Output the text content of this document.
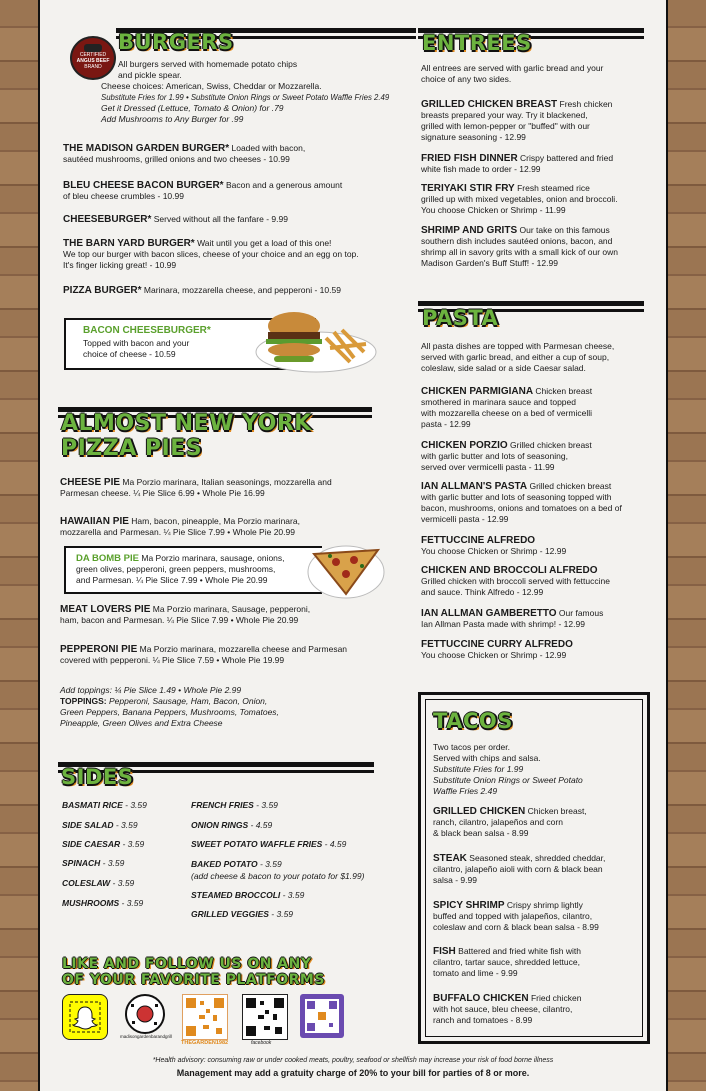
BURGERS
CERTIFIED
ANGUS BEEF
BRAND	All burgers served with homemade potato chips
and pickle spear.
Cheese choices: American, Swiss, Cheddar or Mozzarella.
Substitute Fries for 1.99 • Substitute Onion Rings or Sweet Potato Waffle Fries 2.49
Get it Dressed (Lettuce, Tomato & Onion) for .79
Add Mushrooms to Any Burger for .99
THE MADISON GARDEN BURGER* Loaded with bacon,
sautéed mushrooms, grilled onions and two cheeses - 10.99
BLEU CHEESE BACON BURGER* Bacon and a generous amount
of bleu cheese crumbles - 10.99
CHEESEBURGER* Served without all the fanfare - 9.99
THE BARN YARD BURGER* Wait until you get a load of this one!
We top our burger with bacon slices, cheese of your choice and an egg on top.
It's finger licking great! - 10.99
PIZZA BURGER* Marinara, mozzarella cheese, and pepperoni - 10.59
BACON CHEESEBURGER*
Topped with bacon and your
choice of cheese - 10.59
ALMOST NEW YORK
PIZZA PIES
CHEESE PIE Ma Porzio marinara, Italian seasonings, mozzarella and
Parmesan cheese. ¼ Pie Slice 6.99 • Whole Pie 16.99
HAWAIIAN PIE Ham, bacon, pineapple, Ma Porzio marinara,
mozzarella and Parmesan. ¼ Pie Slice 7.99 • Whole Pie 20.99
DA BOMB PIE Ma Porzio marinara, sausage, onions,
green olives, pepperoni, green peppers, mushrooms,
and Parmesan. ¼ Pie Slice 7.99 • Whole Pie 20.99
MEAT LOVERS PIE Ma Porzio marinara, Sausage, pepperoni,
ham, bacon and Parmesan. ¼ Pie Slice 7.99 • Whole Pie 20.99
PEPPERONI PIE Ma Porzio marinara, mozzarella cheese and Parmesan
covered with pepperoni. ¼ Pie Slice 7.59 • Whole Pie 19.99
Add toppings: ¼ Pie Slice 1.49 • Whole Pie 2.99
TOPPINGS: Pepperoni, Sausage, Ham, Bacon, Onion,
Green Peppers, Banana Peppers, Mushrooms, Tomatoes,
Pineapple, Green Olives and Extra Cheese
SIDES
BASMATI RICE - 3.59
SIDE SALAD - 3.59
SIDE CAESAR - 3.59
SPINACH - 3.59
COLESLAW - 3.59
MUSHROOMS - 3.59
FRENCH FRIES - 3.59
ONION RINGS - 4.59
SWEET POTATO WAFFLE FRIES - 4.59
BAKED POTATO - 3.59
(add cheese & bacon to your potato for $1.99)
STEAMED BROCCOLI - 3.59
GRILLED VEGGIES - 3.59
LIKE AND FOLLOW US ON ANY
OF YOUR FAVORITE PLATFORMS
madisongardenbarandgrill
THEGARDEN1982	facebook
ENTREES
All entrees are served with garlic bread and your
choice of any two sides.
GRILLED CHICKEN BREAST Fresh chicken
breasts prepared your way. Try it blackened,
grilled with lemon-pepper or "buffed" with our
signature seasoning - 12.99
FRIED FISH DINNER Crispy battered and fried
white fish made to order - 12.99
TERIYAKI STIR FRY Fresh steamed rice
grilled up with mixed vegetables, onion and broccoli.
You choose Chicken or Shrimp - 11.99
SHRIMP AND GRITS Our take on this famous
southern dish includes sautéed onions, bacon, and
shrimp all in savory grits with a small kick of our own
Madison Garden's Buff Stuff! - 12.99
PASTA
All pasta dishes are topped with Parmesan cheese,
served with garlic bread, and either a cup of soup,
coleslaw, side salad or a side Caesar salad.
CHICKEN PARMIGIANA Chicken breast
smothered in marinara sauce and topped
with mozzarella cheese on a bed of vermicelli
pasta - 12.99
CHICKEN PORZIO Grilled chicken breast
with garlic butter and lots of seasoning,
served over vermicelli pasta - 11.99
IAN ALLMAN'S PASTA Grilled chicken breast
with garlic butter and lots of seasoning topped with
bacon, mushrooms, onions and tomatoes on a bed of
vermicelli pasta - 12.99
FETTUCCINE ALFREDO
You choose Chicken or Shrimp - 12.99
CHICKEN AND BROCCOLI ALFREDO
Grilled chicken with broccoli served with fettuccine
and sauce. Think Alfredo - 12.99
IAN ALLMAN GAMBERETTO Our famous
Ian Allman Pasta made with shrimp! - 12.99
FETTUCCINE CURRY ALFREDO
You choose Chicken or Shrimp - 12.99
TACOS
Two tacos per order.
Served with chips and salsa.
Substitute Fries for 1.99
Substitute Onion Rings or Sweet Potato
Waffle Fries 2.49
GRILLED CHICKEN Chicken breast,
ranch, cilantro, jalapeños and corn
& black bean salsa - 8.99
STEAK Seasoned steak, shredded cheddar,
cilantro, jalapeño aioli with corn & black bean
salsa - 9.99
SPICY SHRIMP Crispy shrimp lightly
buffed and topped with jalapeños, cilantro,
coleslaw and corn & black bean salsa - 8.99
FISH Battered and fried white fish with
cilantro, tartar sauce, shredded lettuce,
tomato and lime - 9.99
BUFFALO CHICKEN Fried chicken
with hot sauce, bleu cheese, cilantro,
ranch and tomatoes - 8.99
*Health advisory: consuming raw or under cooked meats, poultry, seafood or shellfish may increase your risk of food borne illness
Management may add a gratuity charge of 20% to your bill for parties of 8 or more.
